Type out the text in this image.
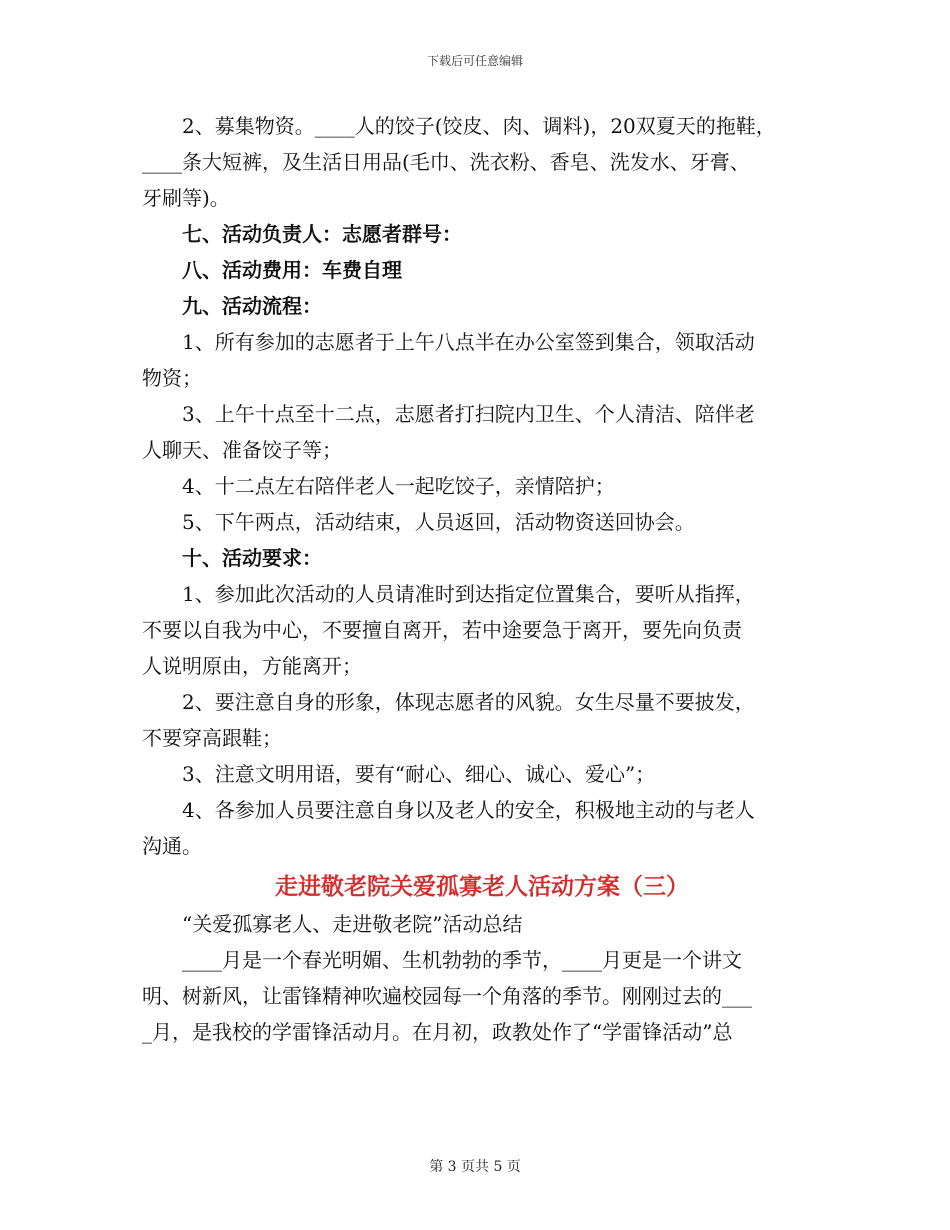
下载后可任意编辑
2、募集物资。____人的饺子(饺皮、肉、调料)，20双夏天的拖鞋，
____条大短裤，及生活日用品(毛巾、洗衣粉、香皂、洗发水、牙膏、
牙刷等)。
七、活动负责人：志愿者群号：
八、活动费用：车费自理
九、活动流程：
1、所有参加的志愿者于上午八点半在办公室签到集合，领取活动
物资；
3、上午十点至十二点，志愿者打扫院内卫生、个人清洁、陪伴老
人聊天、准备饺子等；
4、十二点左右陪伴老人一起吃饺子，亲情陪护；
5、下午两点，活动结束，人员返回，活动物资送回协会。
十、活动要求：
1、参加此次活动的人员请准时到达指定位置集合，要听从指挥，
不要以自我为中心，不要擅自离开，若中途要急于离开，要先向负责
人说明原由，方能离开；
2、要注意自身的形象，体现志愿者的风貌。女生尽量不要披发，
不要穿高跟鞋；
3、注意文明用语，要有“耐心、细心、诚心、爱心”；
4、各参加人员要注意自身以及老人的安全，积极地主动的与老人
沟通。
走进敬老院关爱孤寡老人活动方案（三）
“关爱孤寡老人、走进敬老院”活动总结
____月是一个春光明媚、生机勃勃的季节，____月更是一个讲文
明、树新风，让雷锋精神吹遍校园每一个角落的季节。刚刚过去的___
_月，是我校的学雷锋活动月。在月初，政教处作了“学雷锋活动”总
第 3 页共 5 页
